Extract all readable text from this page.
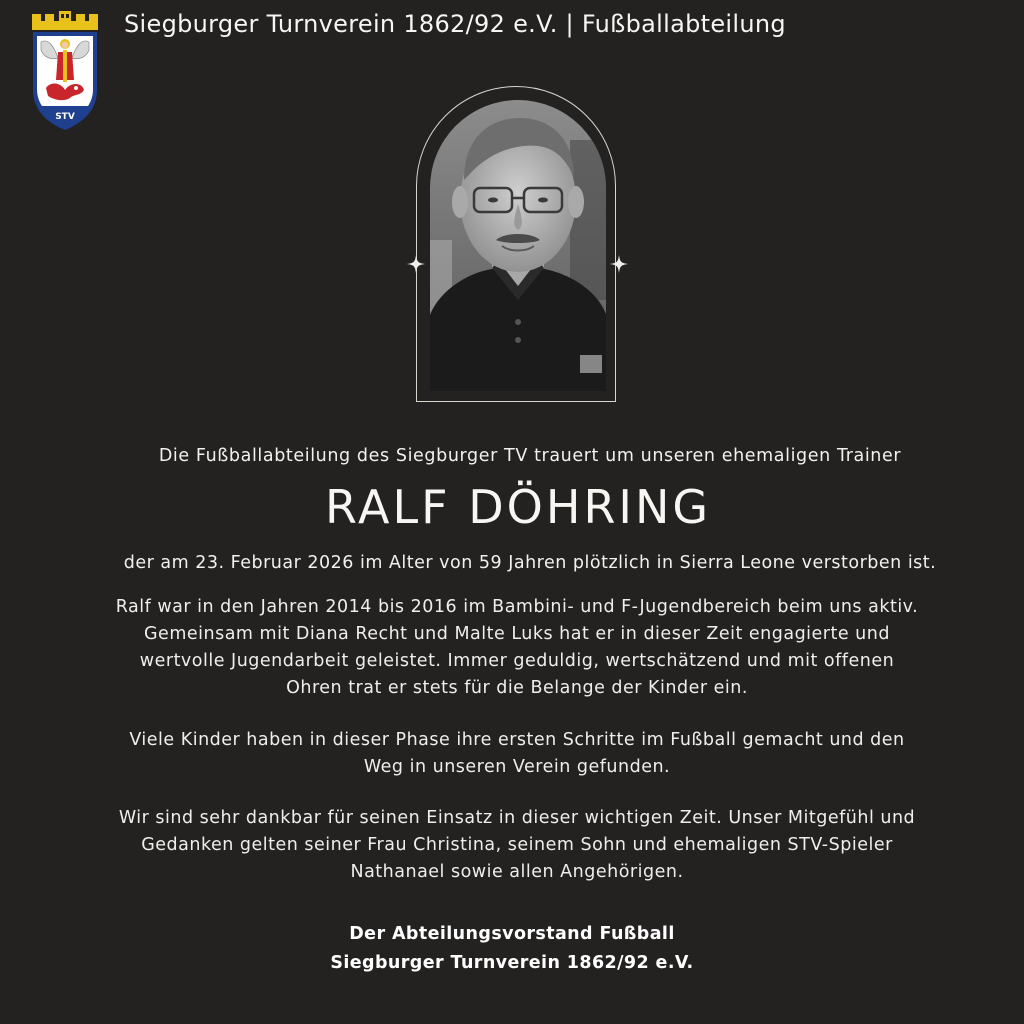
STV
Siegburger Turnverein 1862/92 e.V. | Fußballabteilung
Die Fußballabteilung des Siegburger TV trauert um unseren ehemaligen Trainer
RALF DÖHRING
der am 23. Februar 2026 im Alter von 59 Jahren plötzlich in Sierra Leone verstorben ist.
Ralf war in den Jahren 2014 bis 2016 im Bambini- und F-Jugendbereich beim uns aktiv.
Gemeinsam mit Diana Recht und Malte Luks hat er in dieser Zeit engagierte und
wertvolle Jugendarbeit geleistet. Immer geduldig, wertschätzend und mit offenen
Ohren trat er stets für die Belange der Kinder ein.
Viele Kinder haben in dieser Phase ihre ersten Schritte im Fußball gemacht und den
Weg in unseren Verein gefunden.
Wir sind sehr dankbar für seinen Einsatz in dieser wichtigen Zeit. Unser Mitgefühl und
Gedanken gelten seiner Frau Christina, seinem Sohn und ehemaligen STV-Spieler
Nathanael sowie allen Angehörigen.
Der Abteilungsvorstand Fußball
Siegburger Turnverein 1862/92 e.V.
